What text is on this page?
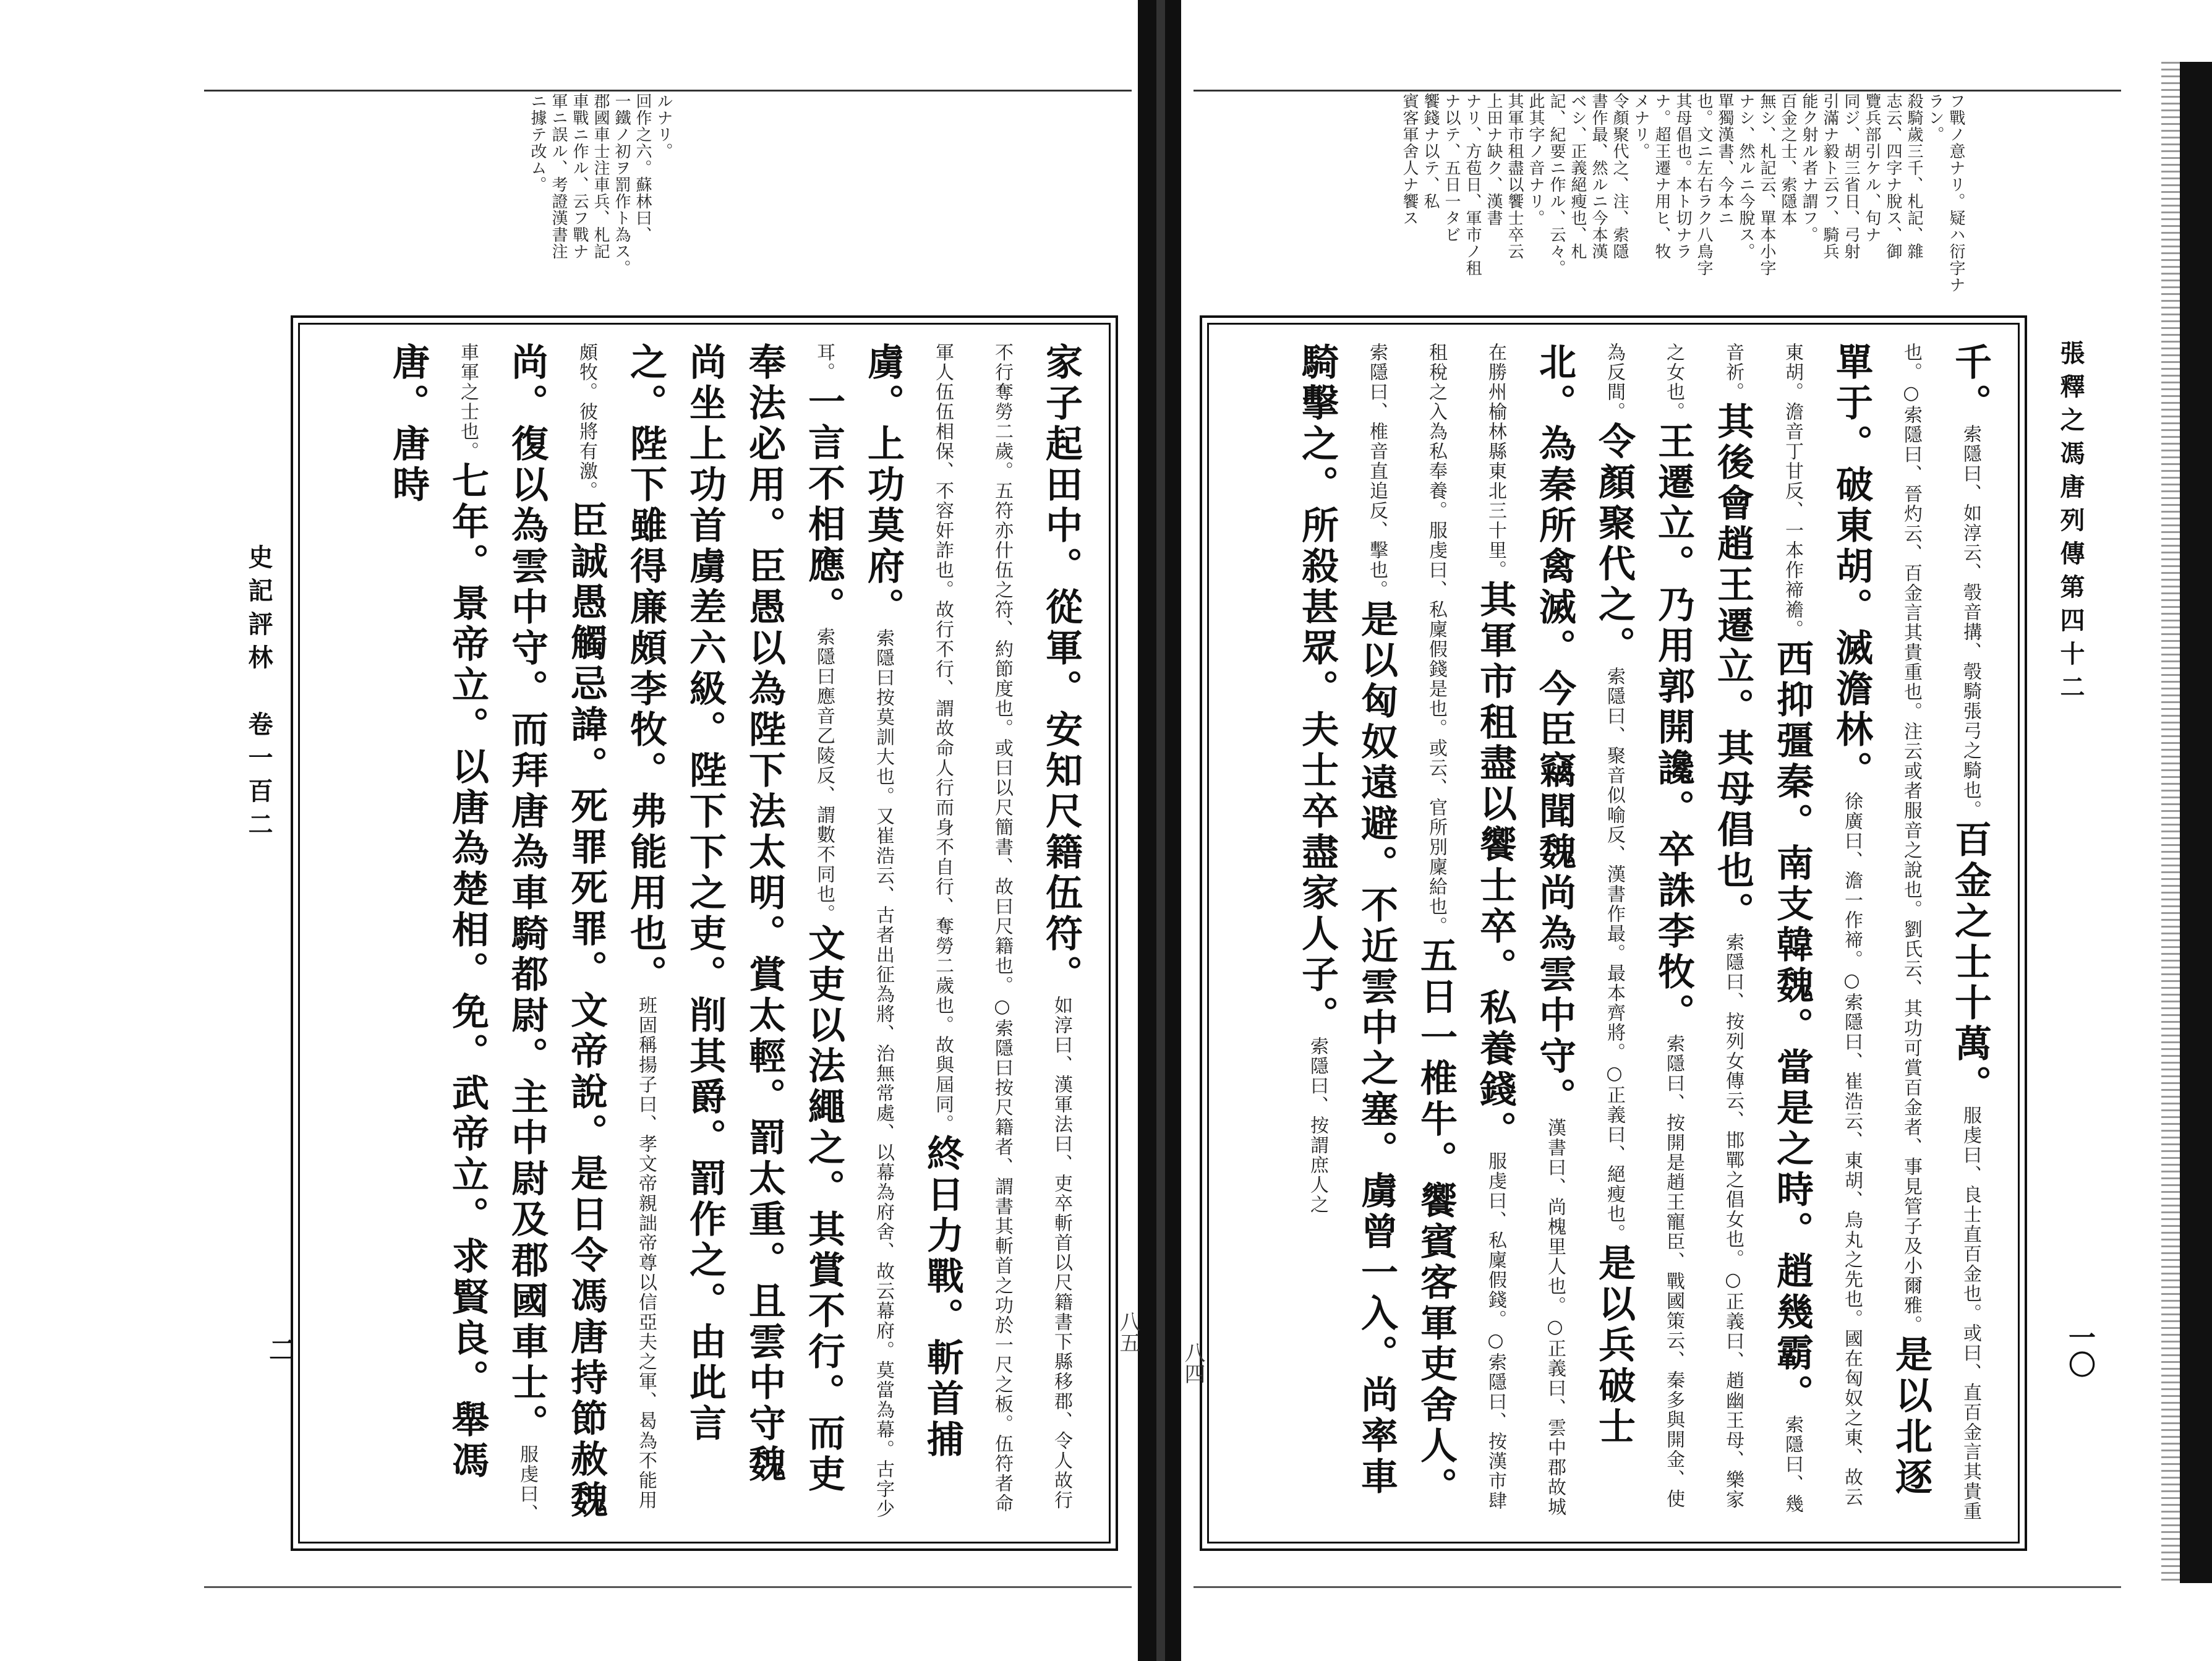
ルナリ。
回作之六。蘇林曰、
一鐵ノ初ヲ罰作ト為ス。
郡國車士注車兵、札記
車戰ニ作ル、云フ戰ナ
軍ニ誤ル、考證漢書注
ニ據テ改ム。
史記評林　卷一百二
二
家子起田中。從軍。安知尺籍伍符。如淳曰、漢軍法曰、吏卒斬首以尺籍書下縣移郡、令人故行不行奪勞二歲。五符亦什伍之符、約節度也。或曰以尺簡書、故曰尺籍也。○索隱曰按尺籍者、謂書其斬首之功於一尺之板。伍符者命軍人伍伍相保、不容奸詐也。故行不行、謂故命人行而身不自行、奪勞二歲也。故與屆同。終日力戰。斬首捕虜。上功莫府。索隱曰按莫訓大也。又崔浩云、古者出征為將、治無常處、以幕為府舍、故云幕府。莫當為幕。古字少耳。一言不相應。索隱曰應音乙陵反、謂數不同也。文吏以法繩之。其賞不行。而吏奉法必用。臣愚以為陛下法太明。賞太輕。罰太重。且雲中守魏尚坐上功首虜差六級。陛下下之吏。削其爵。罰作之。由此言之。陛下雖得廉頗李牧。弗能用也。班固稱揚子曰、孝文帝親詘帝尊以信亞夫之軍、曷為不能用頗牧。彼將有激。臣誠愚觸忌諱。死罪死罪。文帝說。是日令馮唐持節赦魏尚。復以為雲中守。而拜唐為車騎都尉。主中尉及郡國車士。服虔曰、車軍之士也。七年。景帝立。以唐為楚相。免。武帝立。求賢良。舉馮唐。唐時
八五
フ戰ノ意ナリ。疑ハ衍字ナラン。
殺騎歲三千、札記、雜
志云、四字ナ脫ス、御
覽兵部引ケル、句ナ
同ジ、胡三省日、弓射
引滿ナ毅ト云フ、騎兵
能ク射ル者ナ謂フ。
百金之士、索隱本
無シ、札記云、單本小字
ナシ、然ルニ今脫ス。
單獨漢書、今本ニ
也。文ニ左右ラク八鳥字
其母倡也。本ト切ナラ
ナ。超王遷ナ用ヒ、牧
メナリ。
令顏聚代之、注、索隱
書作最、然ルニ今本漢
ベシ、正義絕瘦也、札
記、紀要ニ作ル、云々。
此其字ノ音ナリ。
其軍市租盡以饗士卒云
上田ナ缺ク、漢書
ナリ、方苞日、軍市ノ租
ナ以テ、五日一タビ
饗錢ナ以テ、私
賓客軍舍人ナ饗ス
張釋之馮唐列傳第四十二
一〇
千。索隱曰、如淳云、彀音搆、彀騎張弓之騎也。百金之士十萬。服虔曰、良士直百金也。或曰、直百金言其貴重也。○索隱曰、晉灼云、百金言其貴重也。注云或者服音之說也。劉氏云、其功可賞百金者、事見管子及小爾雅。是以北逐單于。破東胡。滅澹林。徐廣曰、澹一作禘。○索隱曰、崔浩云、東胡、烏丸之先也。國在匈奴之東、故云東胡。澹音丁甘反、一本作禘襜。西抑彊秦。南支韓魏。當是之時。趙幾霸。索隱曰、幾音祈。其後會趙王遷立。其母倡也。索隱曰、按列女傳云、邯鄲之倡女也。○正義曰、趙幽王母、樂家之女也。王遷立。乃用郭開讒。卒誅李牧。索隱曰、按開是趙王寵臣、戰國策云、秦多與開金、使為反間。令顏聚代之。索隱曰、聚音似喻反、漢書作最。最本齊將。○正義曰、絕瘦也。是以兵破士北。為秦所禽滅。今臣竊聞魏尚為雲中守。漢書曰、尚槐里人也。○正義曰、雲中郡故城在勝州榆林縣東北三十里。其軍市租盡以饗士卒。私養錢。服虔曰、私廩假錢。○索隱曰、按漢市肆租稅之入為私奉養。服虔曰、私廩假錢是也。或云、官所別廩給也。五日一椎牛。饗賓客軍吏舍人。索隱曰、椎音直追反、擊也。是以匈奴遠避。不近雲中之塞。虜曾一入。尚率車騎擊之。所殺甚眾。夫士卒盡家人子。索隱曰、按謂庶人之
八四
